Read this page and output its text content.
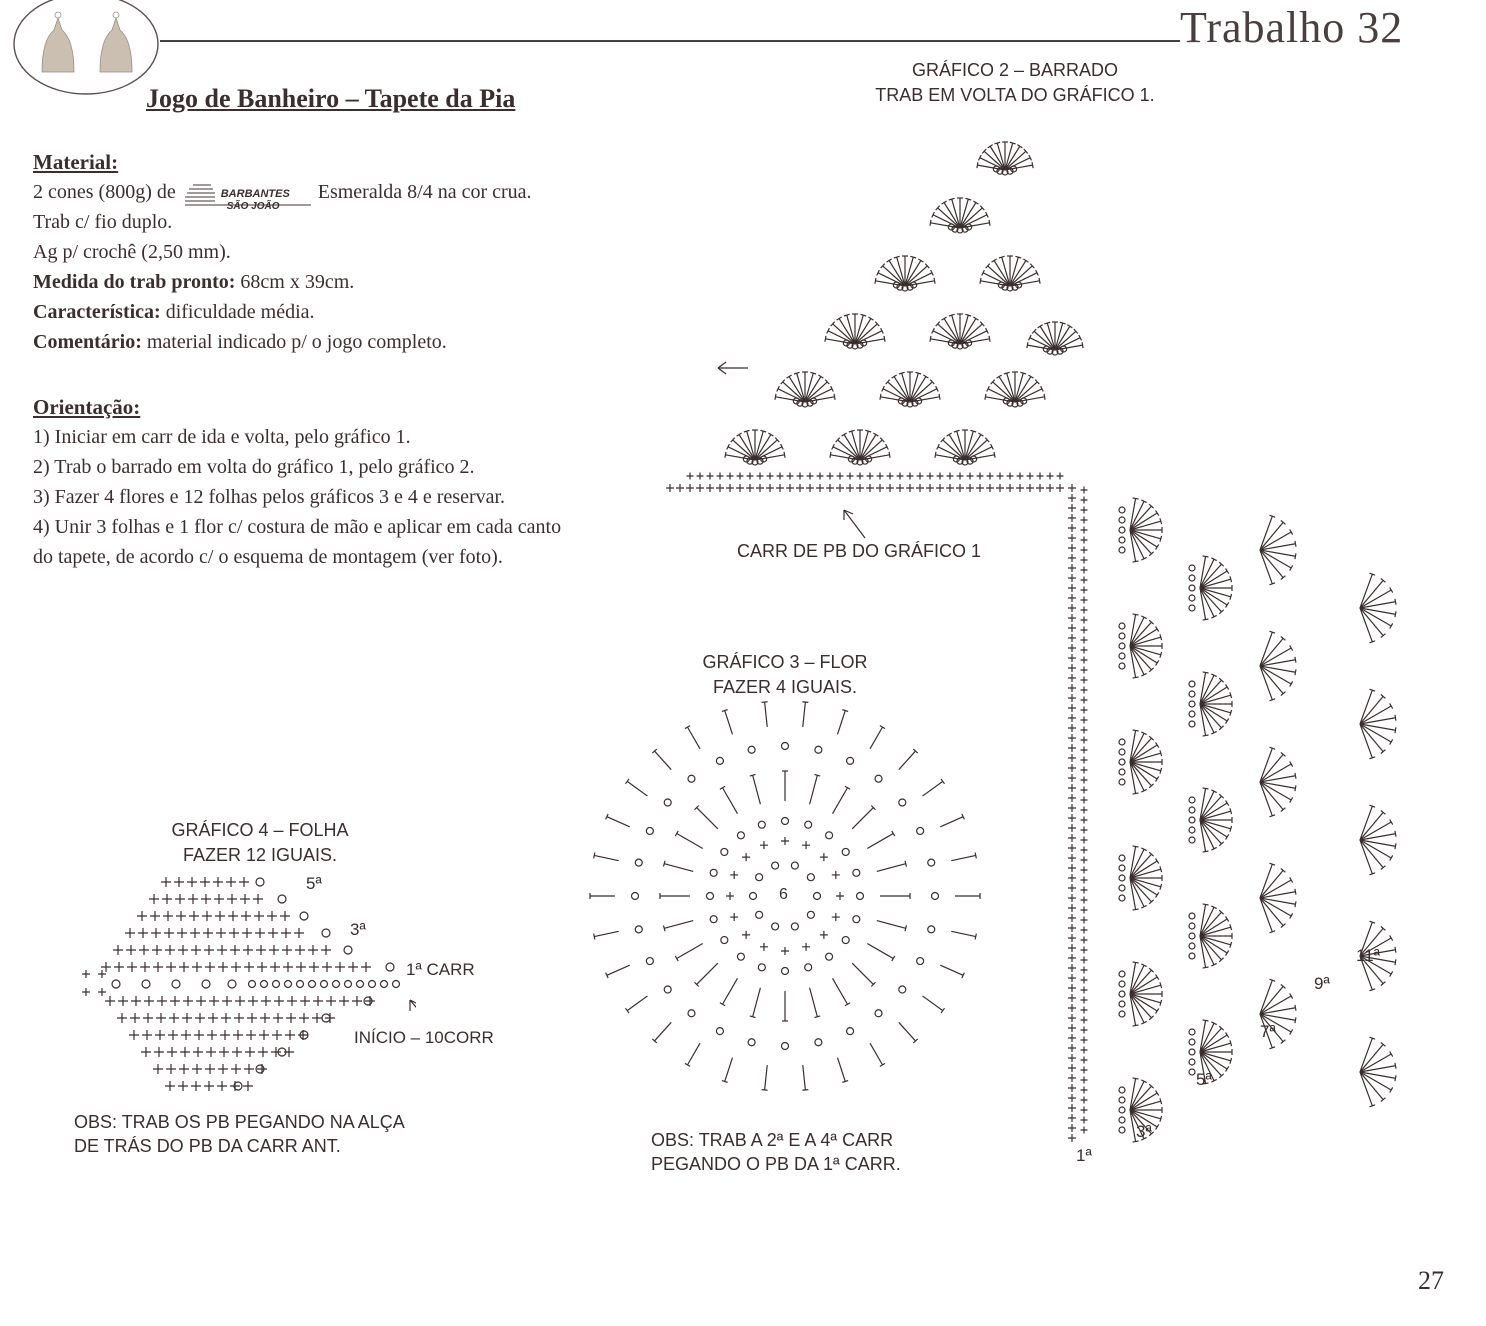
Trabalho 32
Jogo de Banheiro – Tapete da Pia
Material:
2 cones (800g) de	BARBANTES
SÃO JOÃO
Esmeralda 8/4 na cor crua.
Trab c/ fio duplo.
Ag p/ crochê (2,50 mm).
Medida do trab pronto: 68cm x 39cm.
Característica: dificuldade média.
Comentário: material indicado p/ o jogo completo.
Orientação:
1) Iniciar em carr de ida e volta, pelo gráfico 1.
2) Trab o barrado em volta do gráfico 1, pelo gráfico 2.
3) Fazer 4 flores e 12 folhas pelos gráficos 3 e 4 e reservar.
4) Unir 3 folhas e 1 flor c/ costura de mão e aplicar em cada canto
do tapete, de acordo c/ o esquema de montagem (ver foto).
GRÁFICO 2 – BARRADO
TRAB EM VOLTA DO GRÁFICO 1.
CARR DE PB DO GRÁFICO 1
1ª
3ª
5ª
7ª
9ª
11ª
GRÁFICO 3 – FLOR
FAZER 4 IGUAIS.
6
OBS: TRAB A 2ª E A 4ª CARR
PEGANDO O PB DA 1ª CARR.
GRÁFICO 4 – FOLHA
FAZER 12 IGUAIS.
5ª
3ª
1ª CARR
INÍCIO – 10CORR
OBS: TRAB OS PB PEGANDO NA ALÇA
DE TRÁS DO PB DA CARR ANT.
27
